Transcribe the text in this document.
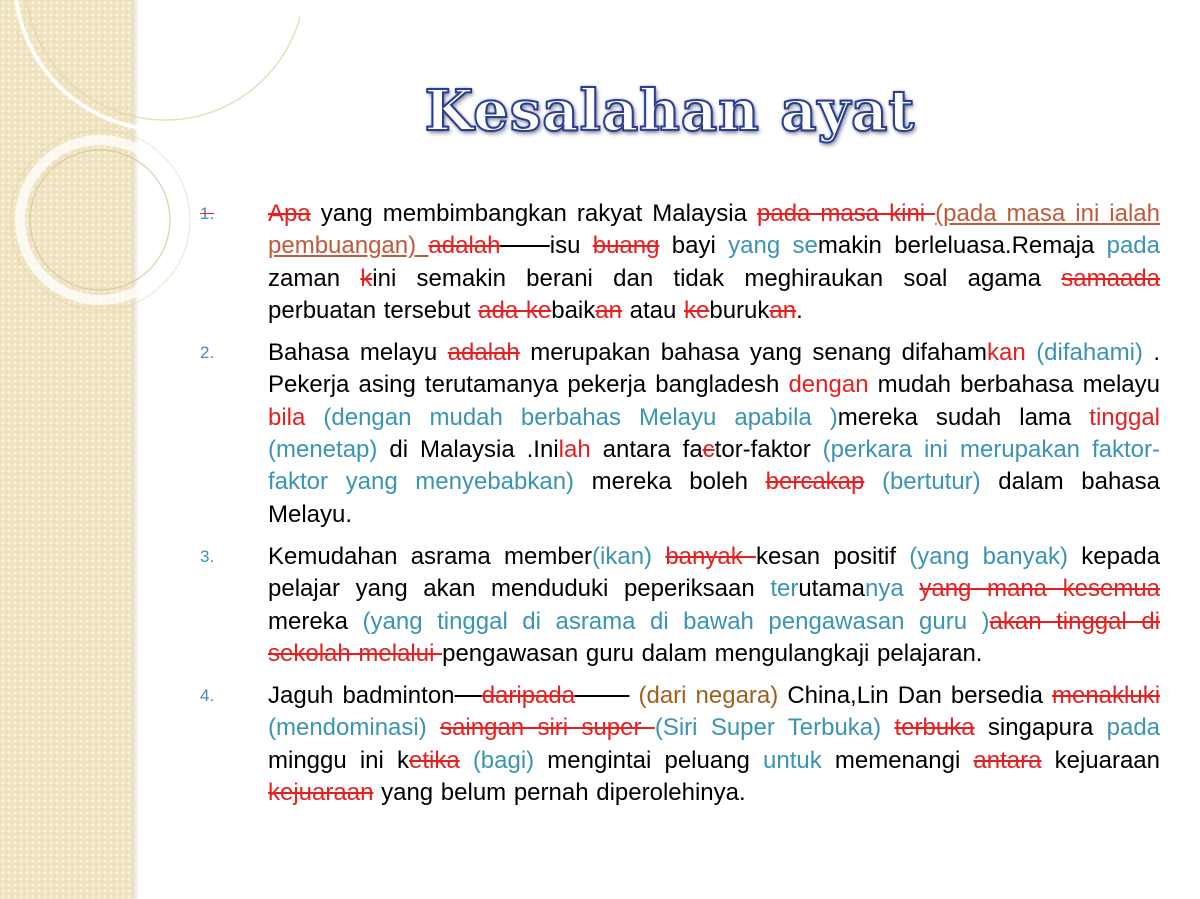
Kesalahan ayat
1. Apa yang membimbangkan rakyat Malaysia pada masa kini (pada masa ini ialah pembuangan) adalah isu buang bayi yang semakin berleluasa.Remaja pada zaman kini semakin berani dan tidak meghiraukan soal agama samaada perbuatan tersebut ada kebaikan atau keburukan.
2. Bahasa melayu adalah merupakan bahasa yang senang difahamkan (difahami) . Pekerja asing terutamanya pekerja bangladesh dengan mudah berbahasa melayu bila (dengan mudah berbahas Melayu apabila )mereka sudah lama tinggal (menetap) di Malaysia .Inilah antara factor-faktor (perkara ini merupakan faktor-faktor yang menyebabkan) mereka boleh bercakap (bertutur) dalam bahasa Melayu.
3. Kemudahan asrama member(ikan) banyak kesan positif (yang banyak) kepada pelajar yang akan menduduki peperiksaan terutamanya yang mana kesemua mereka (yang tinggal di asrama di bawah pengawasan guru )akan tinggal di sekolah melalui pengawasan guru dalam mengulangkaji pelajaran.
4. Jaguh badminton daripada	(dari negara) China,Lin Dan bersedia menakluki (mendominasi) saingan siri super (Siri Super Terbuka) terbuka singapura pada minggu ini ketika (bagi) mengintai peluang untuk memenangi antara kejuaraan kejuaraan yang belum pernah diperolehinya.
